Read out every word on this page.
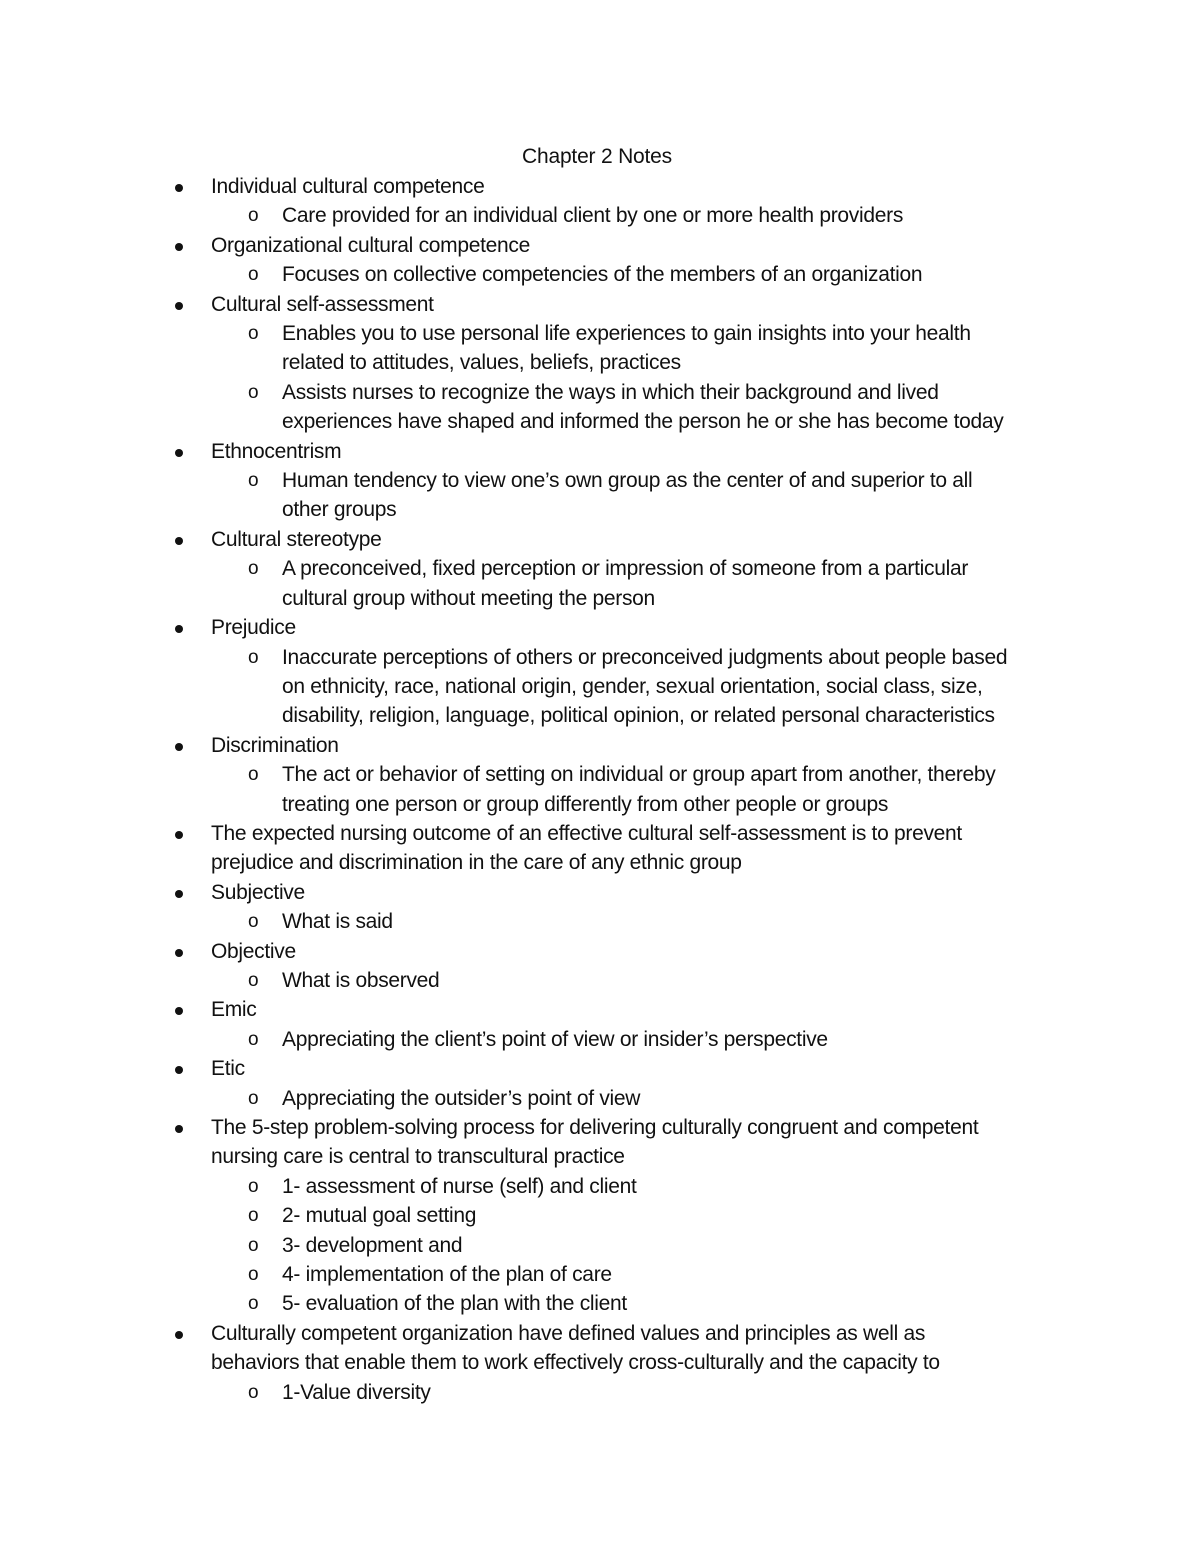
Chapter 2 Notes
Individual cultural competence
o Care provided for an individual client by one or more health providers
Organizational cultural competence
o Focuses on collective competencies of the members of an organization
Cultural self-assessment
o Enables you to use personal life experiences to gain insights into your health
related to attitudes, values, beliefs, practices
o Assists nurses to recognize the ways in which their background and lived
experiences have shaped and informed the person he or she has become today
Ethnocentrism
o Human tendency to view one’s own group as the center of and superior to all
other groups
Cultural stereotype
o A preconceived, fixed perception or impression of someone from a particular
cultural group without meeting the person
Prejudice
o Inaccurate perceptions of others or preconceived judgments about people based
on ethnicity, race, national origin, gender, sexual orientation, social class, size,
disability, religion, language, political opinion, or related personal characteristics
Discrimination
o The act or behavior of setting on individual or group apart from another, thereby
treating one person or group differently from other people or groups
The expected nursing outcome of an effective cultural self-assessment is to prevent
prejudice and discrimination in the care of any ethnic group
Subjective
o What is said
Objective
o What is observed
Emic
o Appreciating the client’s point of view or insider’s perspective
Etic
o Appreciating the outsider’s point of view
The 5-step problem-solving process for delivering culturally congruent and competent
nursing care is central to transcultural practice
o 1- assessment of nurse (self) and client
o 2- mutual goal setting
o 3- development and
o 4- implementation of the plan of care
o 5- evaluation of the plan with the client
Culturally competent organization have defined values and principles as well as
behaviors that enable them to work effectively cross-culturally and the capacity to
o 1-Value diversity
